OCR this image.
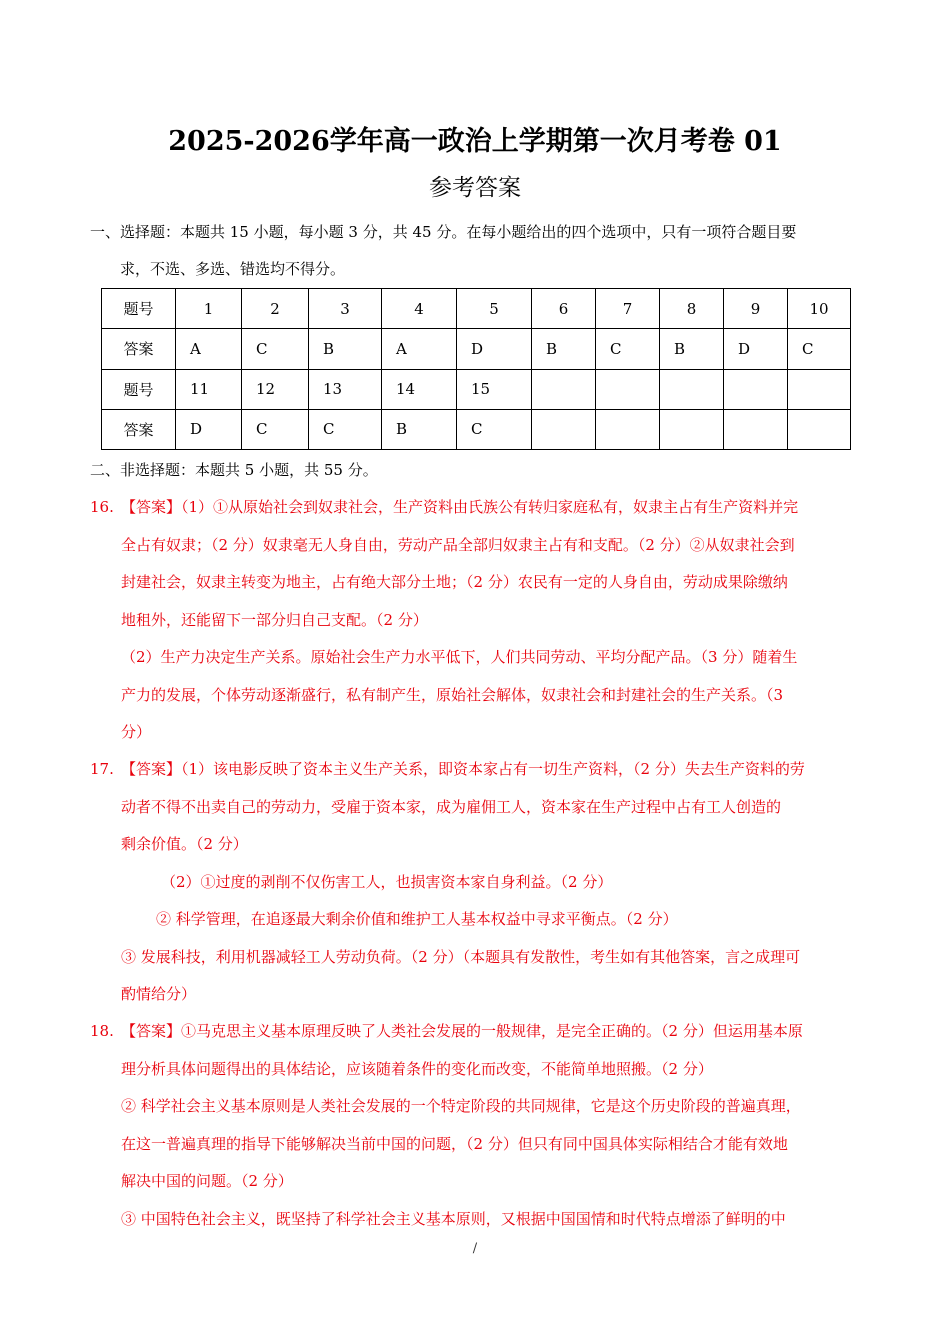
2025-2026学年高一政治上学期第一次月考卷 01
参考答案
一、选择题：本题共 15 小题，每小题 3 分，共 45 分。在每小题给出的四个选项中，只有一项符合题目要
求，不选、多选、错选均不得分。
题号	1	2	3	4	5	6	7	8	9	10
答案	A	C	B	A	D	B	C	B	D	C
题号	11	12	13	14	15					
答案	D	C	C	B	C					
二、非选择题：本题共 5 小题，共 55 分。
16. 【答案】（1）①从原始社会到奴隶社会，生产资料由氏族公有转归家庭私有，奴隶主占有生产资料并完
全占有奴隶；（2 分）奴隶毫无人身自由，劳动产品全部归奴隶主占有和支配。（2 分）②从奴隶社会到
封建社会，奴隶主转变为地主，占有绝大部分土地；（2 分）农民有一定的人身自由，劳动成果除缴纳
地租外，还能留下一部分归自己支配。（2 分）
（2）生产力决定生产关系。原始社会生产力水平低下，人们共同劳动、平均分配产品。（3 分）随着生
产力的发展，个体劳动逐渐盛行，私有制产生，原始社会解体，奴隶社会和封建社会的生产关系。（3
分）
17. 【答案】（1）该电影反映了资本主义生产关系，即资本家占有一切生产资料，（2 分）失去生产资料的劳
动者不得不出卖自己的劳动力，受雇于资本家，成为雇佣工人，资本家在生产过程中占有工人创造的
剩余价值。（2 分）
（2）①过度的剥削不仅伤害工人，也损害资本家自身利益。（2 分）
② 科学管理，在追逐最大剩余价值和维护工人基本权益中寻求平衡点。（2 分）
③ 发展科技，利用机器减轻工人劳动负荷。（2 分）（本题具有发散性，考生如有其他答案，言之成理可
酌情给分）
18. 【答案】①马克思主义基本原理反映了人类社会发展的一般规律，是完全正确的。（2 分）但运用基本原
理分析具体问题得出的具体结论，应该随着条件的变化而改变，不能简单地照搬。（2 分）
② 科学社会主义基本原则是人类社会发展的一个特定阶段的共同规律，它是这个历史阶段的普遍真理，
在这一普遍真理的指导下能够解决当前中国的问题，（2 分）但只有同中国具体实际相结合才能有效地
解决中国的问题。（2 分）
③ 中国特色社会主义，既坚持了科学社会主义基本原则，又根据中国国情和时代特点增添了鲜明的中
/
